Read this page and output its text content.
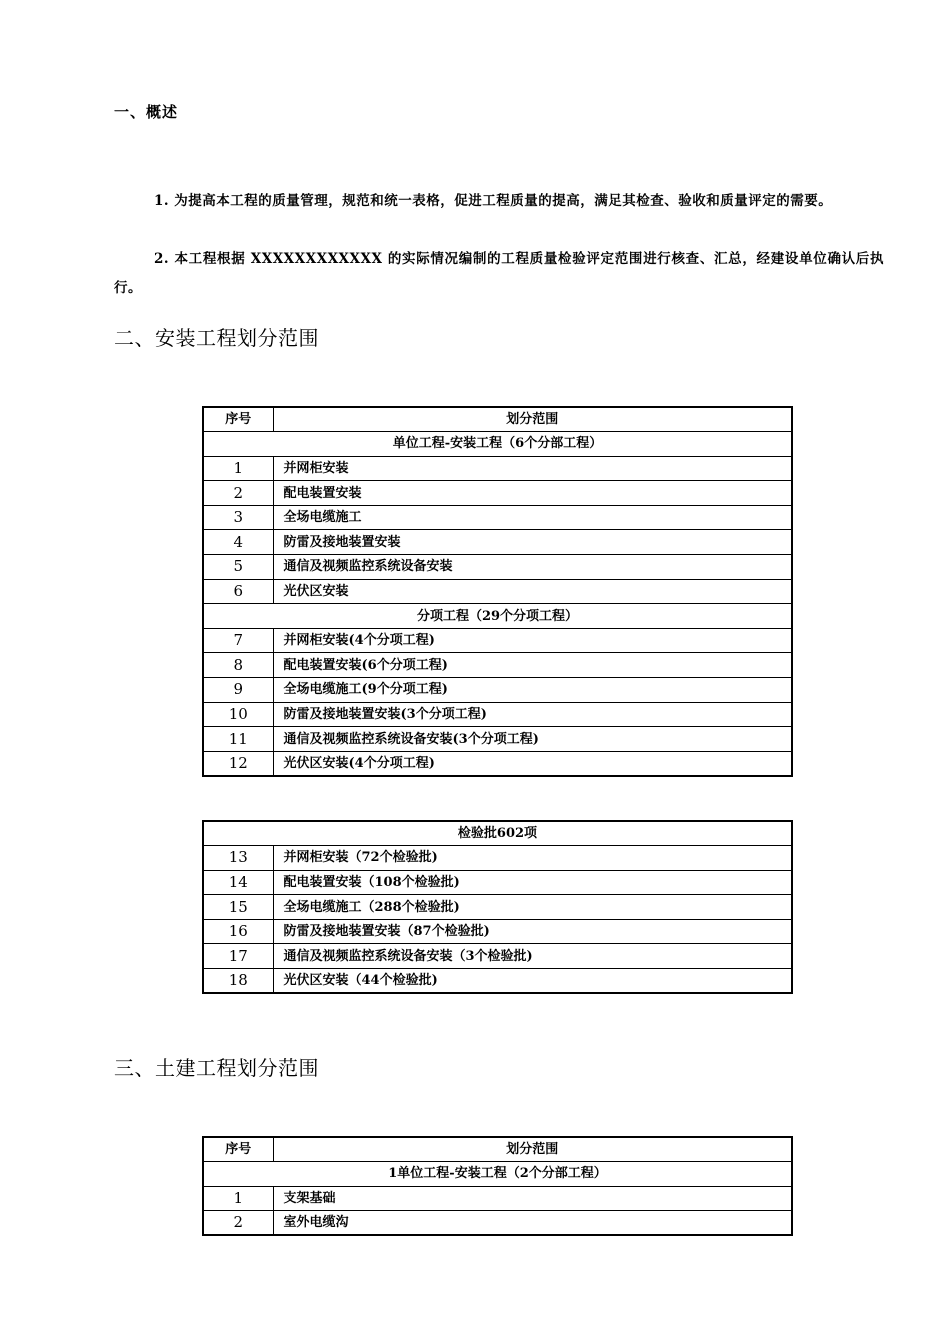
一、概述
1. 为提高本工程的质量管理，规范和统一表格，促进工程质量的提高，满足其检查、验收和质量评定的需要。
2. 本工程根据 XXXXXXXXXXXX 的实际情况编制的工程质量检验评定范围进行核查、汇总，经建设单位确认后执行。
二、安装工程划分范围
序号	划分范围
单位工程-安装工程（6个分部工程）	
1	并网柜安装
2	配电装置安装
3	全场电缆施工
4	防雷及接地装置安装
5	通信及视频监控系统设备安装
6	光伏区安装
分项工程（29个分项工程）	
7	并网柜安装(4个分项工程)
8	配电装置安装(6个分项工程)
9	全场电缆施工(9个分项工程)
10	防雷及接地装置安装(3个分项工程)
11	通信及视频监控系统设备安装(3个分项工程)
12	光伏区安装(4个分项工程)
检验批602项	
13	并网柜安装（72个检验批)
14	配电装置安装（108个检验批)
15	全场电缆施工（288个检验批)
16	防雷及接地装置安装（87个检验批)
17	通信及视频监控系统设备安装（3个检验批)
18	光伏区安装（44个检验批)
三、土建工程划分范围
序号	划分范围
1单位工程-安装工程（2个分部工程）	
1	支架基础
2	室外电缆沟
